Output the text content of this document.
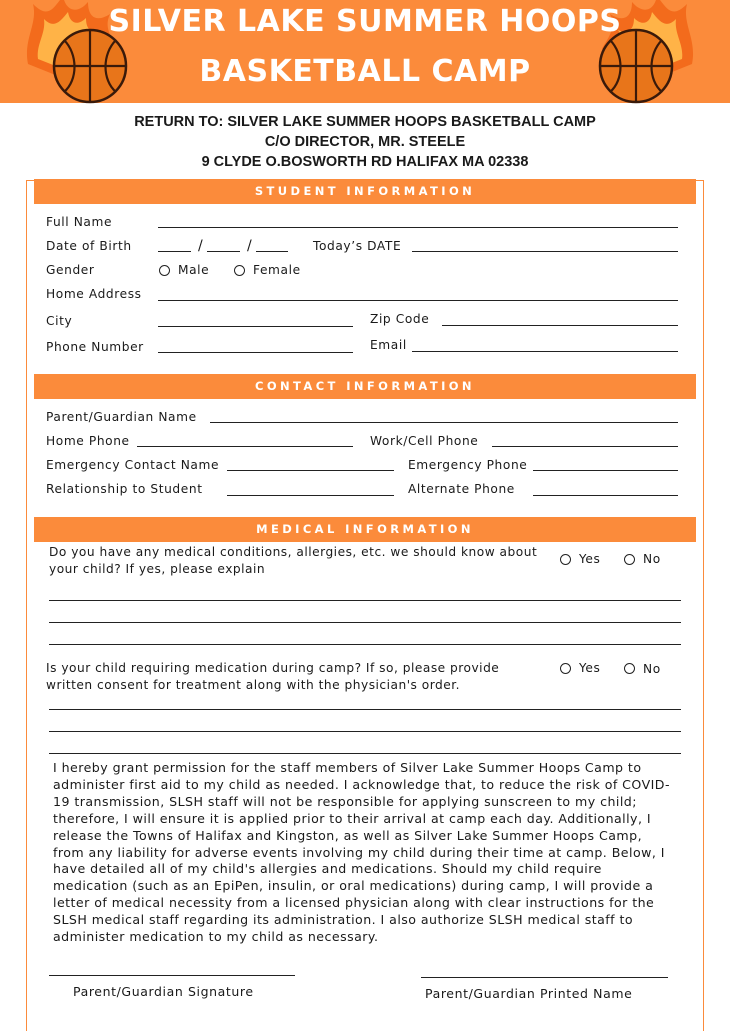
SILVER LAKE SUMMER HOOPS
BASKETBALL CAMP
RETURN TO: SILVER LAKE SUMMER HOOPS BASKETBALL CAMP
C/O DIRECTOR, MR. STEELE
9 CLYDE O.BOSWORTH RD HALIFAX MA 02338
STUDENT INFORMATION
Full Name
Date of Birth	/	/	Today’s DATE
Gender	Male	Female
Home Address
City	Zip Code
Phone Number	Email
CONTACT INFORMATION
Parent/Guardian Name
Home Phone	Work/Cell Phone
Emergency Contact Name	Emergency Phone
Relationship to Student	Alternate Phone
MEDICAL INFORMATION
Do you have any medical conditions, allergies, etc. we should know about
your child? If yes, please explain
Yes	No
Is your child requiring medication during camp? If so, please provide
written consent for treatment along with the physician's order.
Yes	No
I hereby grant permission for the staff members of Silver Lake Summer Hoops Camp to administer first aid to my child as needed. I acknowledge that, to reduce the risk of COVID-19 transmission, SLSH staff will not be responsible for applying sunscreen to my child; therefore, I will ensure it is applied prior to their arrival at camp each day. Additionally, I release the Towns of Halifax and Kingston, as well as Silver Lake Summer Hoops Camp, from any liability for adverse events involving my child during their time at camp. Below, I have detailed all of my child's allergies and medications. Should my child require medication (such as an EpiPen, insulin, or oral medications) during camp, I will provide a letter of medical necessity from a licensed physician along with clear instructions for the SLSH medical staff regarding its administration. I also authorize SLSH medical staff to administer medication to my child as necessary.
Parent/Guardian Signature	Parent/Guardian Printed Name
